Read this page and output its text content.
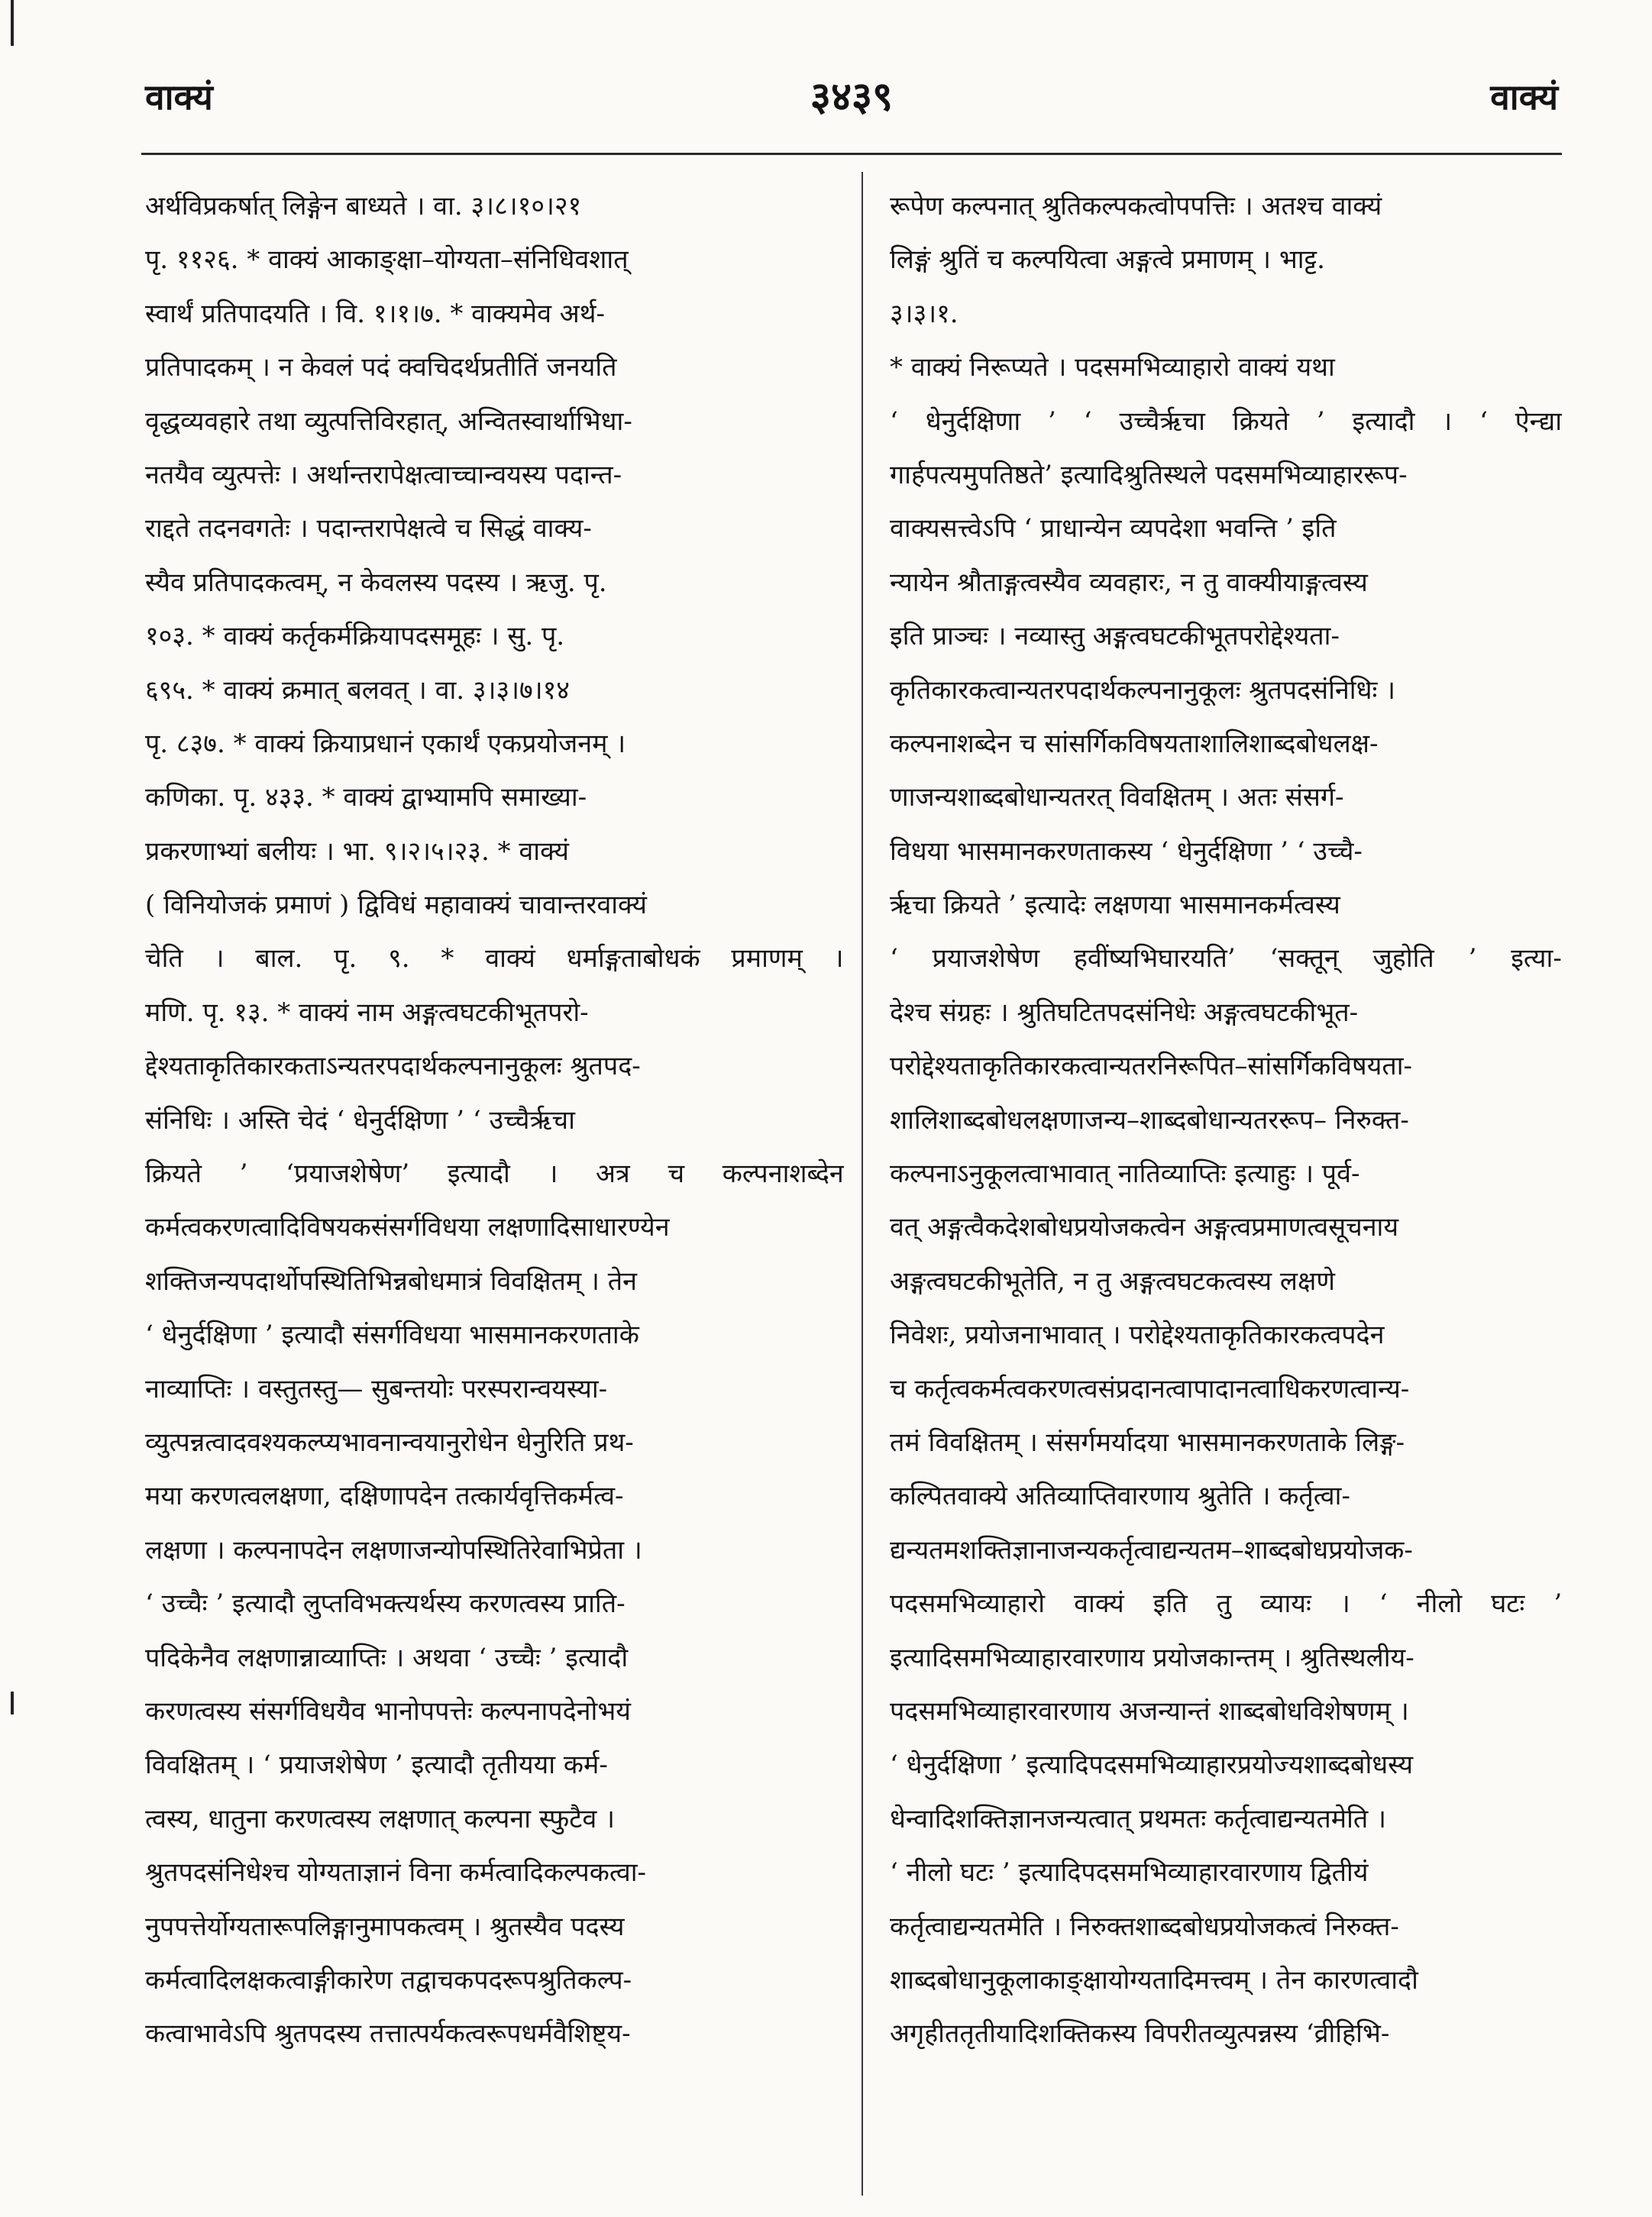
वाक्यं	३४३९	वाक्यं
अर्थविप्रकर्षात् लिङ्गेन बाध्यते । वा. ३।८।१०।२१
पृ. ११२६. * वाक्यं आकाङ्क्षा–योग्यता–संनिधिवशात्
स्वार्थं प्रतिपादयति । वि. १।१।७. * वाक्यमेव अर्थ-
प्रतिपादकम् । न केवलं पदं क्वचिदर्थप्रतीतिं जनयति
वृद्धव्यवहारे तथा व्युत्पत्तिविरहात्, अन्वितस्वार्थाभिधा-
नतयैव व्युत्पत्तेः । अर्थान्तरापेक्षत्वाच्चान्वयस्य पदान्त-
राद्दते तदनवगतेः । पदान्तरापेक्षत्वे च सिद्धं वाक्य-
स्यैव प्रतिपादकत्वम्, न केवलस्य पदस्य । ऋजु. पृ.
१०३. * वाक्यं कर्तृकर्मक्रियापदसमूहः । सु. पृ.
६९५. * वाक्यं क्रमात् बलवत् । वा. ३।३।७।१४
पृ. ८३७. * वाक्यं क्रियाप्रधानं एकार्थं एकप्रयोजनम् ।
कणिका. पृ. ४३३. * वाक्यं द्वाभ्यामपि समाख्या-
प्रकरणाभ्यां बलीयः । भा. ९।२।५।२३. * वाक्यं
( विनियोजकं प्रमाणं ) द्विविधं महावाक्यं चावान्तरवाक्यं
चेति । बाल. पृ. ९. * वाक्यं धर्माङ्गताबोधकं प्रमाणम् ।
मणि. पृ. १३. * वाक्यं नाम अङ्गत्वघटकीभूतपरो-
द्देश्यताकृतिकारकताऽन्यतरपदार्थकल्पनानुकूलः श्रुतपद-
संनिधिः । अस्ति चेदं ‘ धेनुर्दक्षिणा ’ ‘ उच्चैर्ऋचा
क्रियते ’ ‘प्रयाजशेषेण’ इत्यादौ । अत्र च कल्पनाशब्देन
कर्मत्वकरणत्वादिविषयकसंसर्गविधया लक्षणादिसाधारण्येन
शक्तिजन्यपदार्थोपस्थितिभिन्नबोधमात्रं विवक्षितम् । तेन
‘ धेनुर्दक्षिणा ’ इत्यादौ संसर्गविधया भासमानकरणताके
नाव्याप्तिः । वस्तुतस्तु— सुबन्तयोः परस्परान्वयस्या-
व्युत्पन्नत्वादवश्यकल्प्यभावनान्वयानुरोधेन धेनुरिति प्रथ-
मया करणत्वलक्षणा, दक्षिणापदेन तत्कार्यवृत्तिकर्मत्व-
लक्षणा । कल्पनापदेन लक्षणाजन्योपस्थितिरेवाभिप्रेता ।
‘ उच्चैः ’ इत्यादौ लुप्तविभक्त्यर्थस्य करणत्वस्य प्राति-
पदिकेनैव लक्षणान्नाव्याप्तिः । अथवा ‘ उच्चैः ’ इत्यादौ
करणत्वस्य संसर्गविधयैव भानोपपत्तेः कल्पनापदेनोभयं
विवक्षितम् । ‘ प्रयाजशेषेण ’ इत्यादौ तृतीयया कर्म-
त्वस्य, धातुना करणत्वस्य लक्षणात् कल्पना स्फुटैव ।
श्रुतपदसंनिधेश्च योग्यताज्ञानं विना कर्मत्वादिकल्पकत्वा-
नुपपत्तेर्योग्यतारूपलिङ्गानुमापकत्वम् । श्रुतस्यैव पदस्य
कर्मत्वादिलक्षकत्वाङ्गीकारेण तद्वाचकपदरूपश्रुतिकल्प-
कत्वाभावेऽपि श्रुतपदस्य तत्तात्पर्यकत्वरूपधर्मवैशिष्ट्य-
रूपेण कल्पनात् श्रुतिकल्पकत्वोपपत्तिः । अतश्च वाक्यं
लिङ्गं श्रुतिं च कल्पयित्वा अङ्गत्वे प्रमाणम् । भाट्ट.
३।३।१.
* वाक्यं निरूप्यते । पदसमभिव्याहारो वाक्यं यथा
‘ धेनुर्दक्षिणा ’ ‘ उच्चैर्ऋचा क्रियते ’ इत्यादौ । ‘ ऐन्द्या
गार्हपत्यमुपतिष्ठते’ इत्यादिश्रुतिस्थले पदसमभिव्याहाररूप-
वाक्यसत्त्वेऽपि ‘ प्राधान्येन व्यपदेशा भवन्ति ’ इति
न्यायेन श्रौताङ्गत्वस्यैव व्यवहारः, न तु वाक्यीयाङ्गत्वस्य
इति प्राञ्चः । नव्यास्तु अङ्गत्वघटकीभूतपरोद्देश्यता-
कृतिकारकत्वान्यतरपदार्थकल्पनानुकूलः श्रुतपदसंनिधिः ।
कल्पनाशब्देन च सांसर्गिकविषयताशालिशाब्दबोधलक्ष-
णाजन्यशाब्दबोधान्यतरत् विवक्षितम् । अतः संसर्ग-
विधया भासमानकरणताकस्य ‘ धेनुर्दक्षिणा ’ ‘ उच्चै-
र्ऋचा क्रियते ’ इत्यादेः लक्षणया भासमानकर्मत्वस्य
‘ प्रयाजशेषेण हवींष्यभिघारयति’ ‘सक्तून् जुहोति ’ इत्या-
देश्च संग्रहः । श्रुतिघटितपदसंनिधेः अङ्गत्वघटकीभूत-
परोद्देश्यताकृतिकारकत्वान्यतरनिरूपित–सांसर्गिकविषयता-
शालिशाब्दबोधलक्षणाजन्य–शाब्दबोधान्यतररूप– निरुक्त-
कल्पनाऽनुकूलत्वाभावात् नातिव्याप्तिः इत्याहुः । पूर्व-
वत् अङ्गत्वैकदेशबोधप्रयोजकत्वेन अङ्गत्वप्रमाणत्वसूचनाय
अङ्गत्वघटकीभूतेति, न तु अङ्गत्वघटकत्वस्य लक्षणे
निवेशः, प्रयोजनाभावात् । परोद्देश्यताकृतिकारकत्वपदेन
च कर्तृत्वकर्मत्वकरणत्वसंप्रदानत्वापादानत्वाधिकरणत्वान्य-
तमं विवक्षितम् । संसर्गमर्यादया भासमानकरणताके लिङ्ग-
कल्पितवाक्ये अतिव्याप्तिवारणाय श्रुतेति । कर्तृत्वा-
द्यन्यतमशक्तिज्ञानाजन्यकर्तृत्वाद्यन्यतम–शाब्दबोधप्रयोजक-
पदसमभिव्याहारो वाक्यं इति तु व्यायः । ‘ नीलो घटः ’
इत्यादिसमभिव्याहारवारणाय प्रयोजकान्तम् । श्रुतिस्थलीय-
पदसमभिव्याहारवारणाय अजन्यान्तं शाब्दबोधविशेषणम् ।
‘ धेनुर्दक्षिणा ’ इत्यादिपदसमभिव्याहारप्रयोज्यशाब्दबोधस्य
धेन्वादिशक्तिज्ञानजन्यत्वात् प्रथमतः कर्तृत्वाद्यन्यतमेति ।
‘ नीलो घटः ’ इत्यादिपदसमभिव्याहारवारणाय द्वितीयं
कर्तृत्वाद्यन्यतमेति । निरुक्तशाब्दबोधप्रयोजकत्वं निरुक्त-
शाब्दबोधानुकूलाकाङ्क्षायोग्यतादिमत्त्वम् । तेन कारणत्वादौ
अगृहीततृतीयादिशक्तिकस्य विपरीतव्युत्पन्नस्य ‘व्रीहिभि-
